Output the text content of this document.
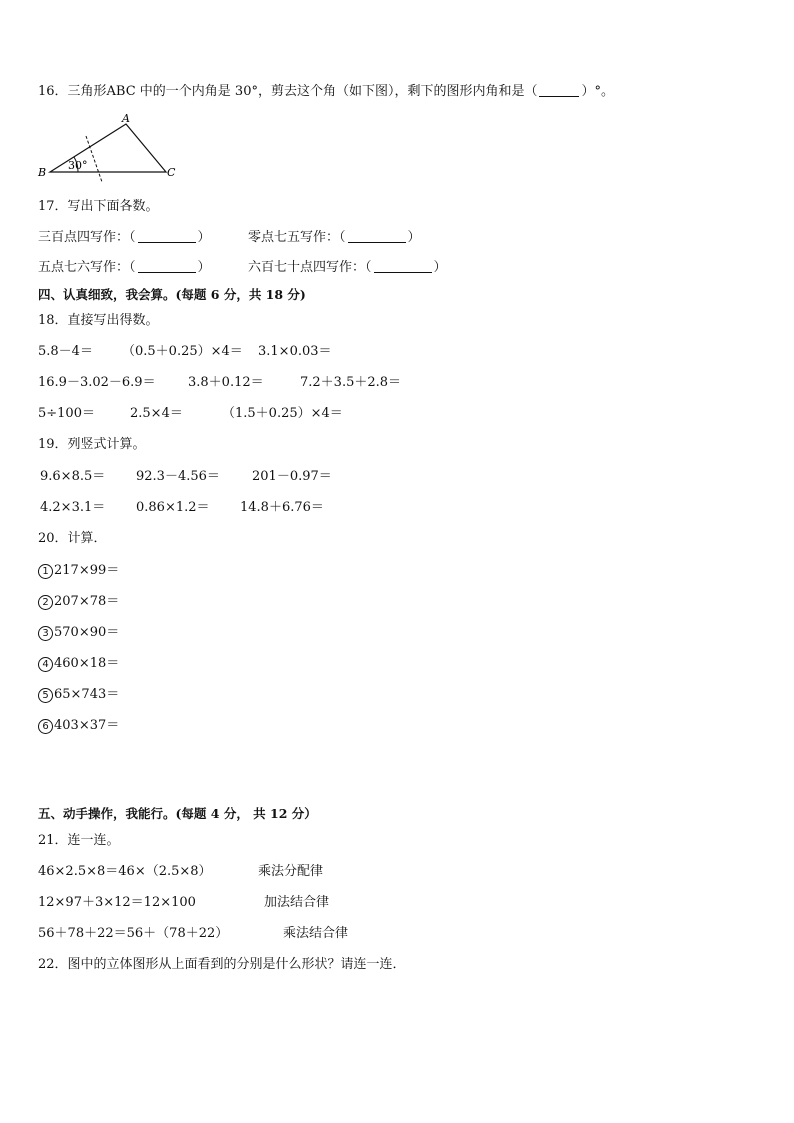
16．三角形ABC 中的一个内角是 30°，剪去这个角（如下图），剩下的图形内角和是（	）°。
A
B	C
30°
17．写出下面各数。
三百点四写作：（	）	零点七五写作：（	）
五点七六写作：（	）	六百七十点四写作：（	）
四、认真细致，我会算。(每题 6 分，共 18 分)
18．直接写出得数。
5.8－4＝ （0.5＋0.25）×4＝ 3.1×0.03＝
16.9－3.02－6.9＝ 3.8＋0.12＝	7.2＋3.5＋2.8＝
5÷100＝	2.5×4＝	（1.5＋0.25）×4＝
19．列竖式计算。
9.6×8.5＝ 92.3－4.56＝ 201－0.97＝
4.2×3.1＝ 0.86×1.2＝ 14.8＋6.76＝
20．计算．
1 217×99＝
2 207×78＝
3 570×90＝
4 460×18＝
5 65×743＝
6 403×37＝
五、动手操作，我能行。(每题 4 分， 共 12 分）
21．连一连。
46×2.5×8＝46×（2.5×8）	乘法分配律
12×97＋3×12＝12×100	加法结合律
56＋78＋22＝56＋（78＋22）	乘法结合律
22．图中的立体图形从上面看到的分别是什么形状？请连一连．
